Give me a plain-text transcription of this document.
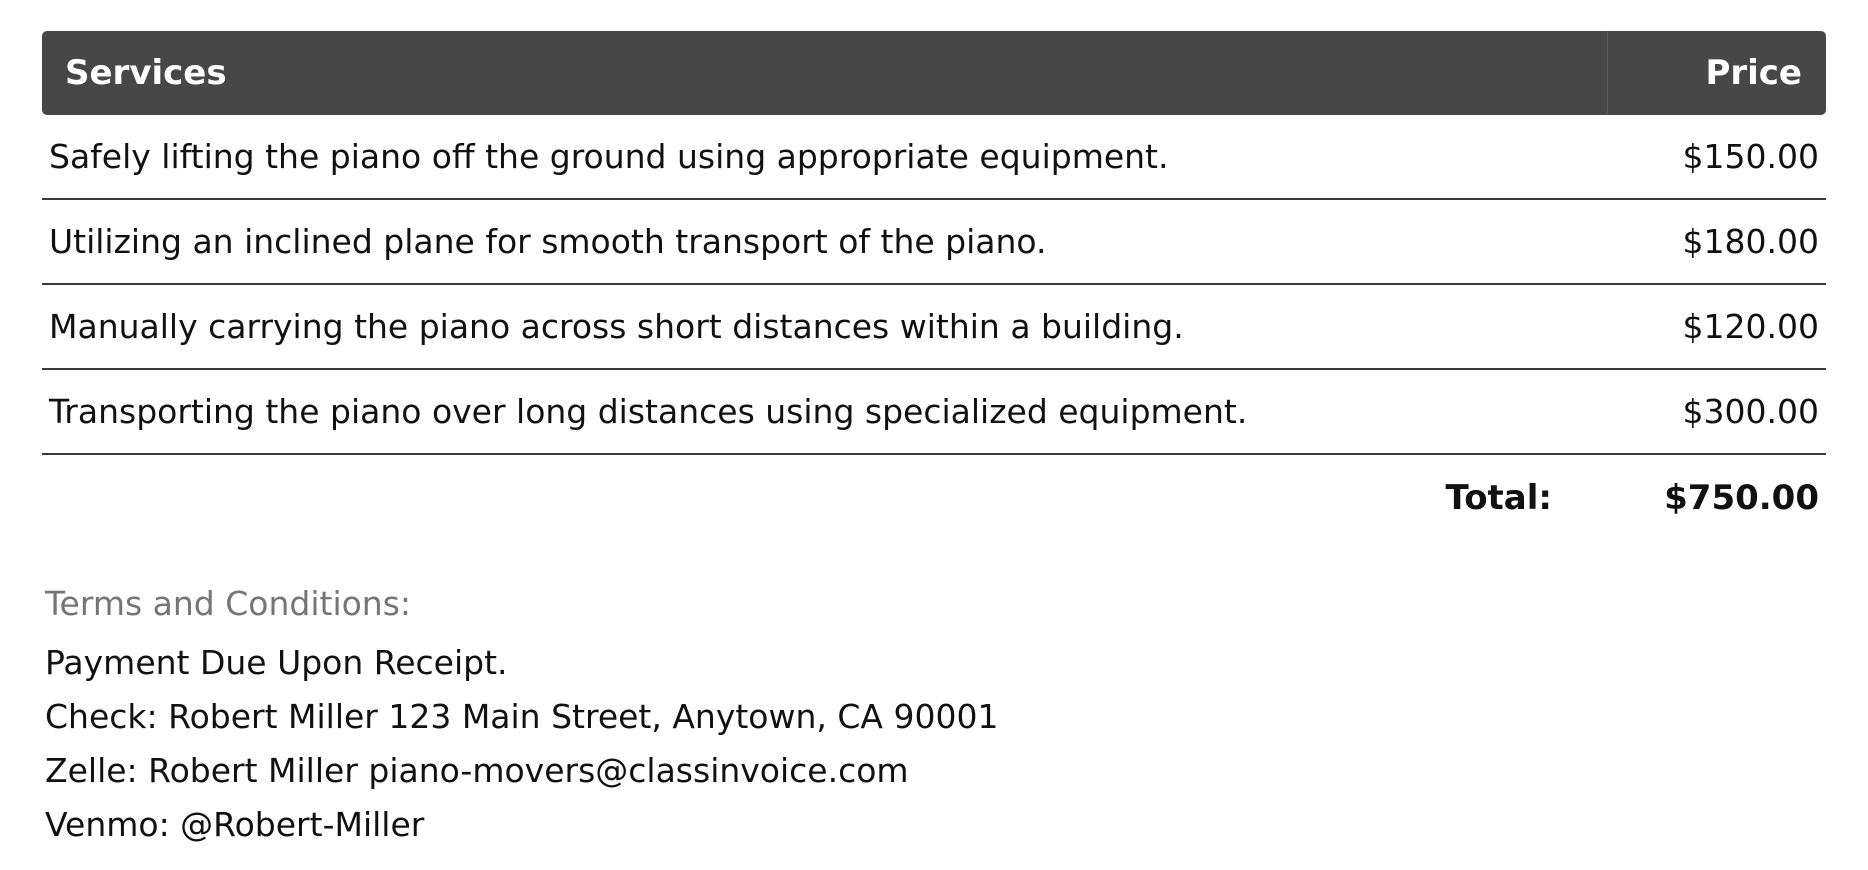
Services	Price
Safely lifting the piano off the ground using appropriate equipment.	$150.00
Utilizing an inclined plane for smooth transport of the piano.	$180.00
Manually carrying the piano across short distances within a building.	$120.00
Transporting the piano over long distances using specialized equipment.	$300.00
Total:	$750.00
Terms and Conditions:
Payment Due Upon Receipt.
Check: Robert Miller 123 Main Street, Anytown, CA 90001
Zelle: Robert Miller piano-movers@classinvoice.com
Venmo: @Robert-Miller
